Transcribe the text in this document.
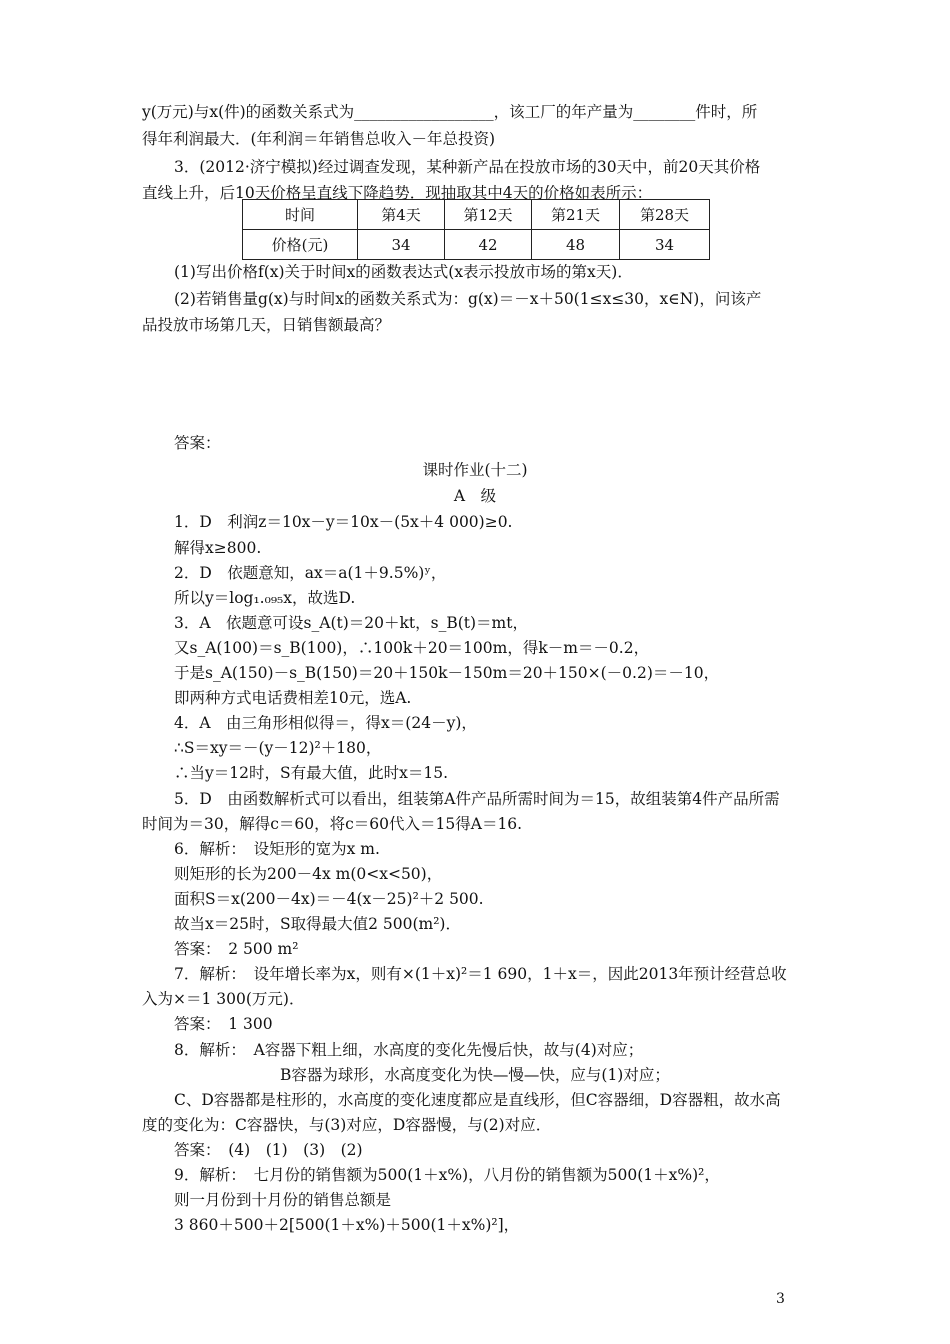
y(万元)与x(件)的函数关系式为__________________，该工厂的年产量为________件时，所
得年利润最大．(年利润＝年销售总收入－年总投资)
3．(2012·济宁模拟)经过调查发现，某种新产品在投放市场的30天中，前20天其价格
直线上升，后10天价格呈直线下降趋势．现抽取其中4天的价格如表所示：
时间	第4天	第12天	第21天	第28天
价格(元)	34	42	48	34
(1)写出价格f(x)关于时间x的函数表达式(x表示投放市场的第x天)．
(2)若销售量g(x)与时间x的函数关系式为：g(x)＝－x＋50(1≤x≤30，x∈N)，问该产
品投放市场第几天，日销售额最高？
答案：
课时作业(十二)
A　级
1．D　利润z＝10x－y＝10x－(5x＋4 000)≥0.
解得x≥800.
2．D　依题意知，ax＝a(1＋9.5%)ʸ，
所以y＝log₁.₀₉₅x，故选D.
3．A　依题意可设s_A(t)＝20＋kt，s_B(t)＝mt，
又s_A(100)＝s_B(100)，∴100k＋20＝100m，得k－m＝－0.2，
于是s_A(150)－s_B(150)＝20＋150k－150m＝20＋150×(－0.2)＝－10，
即两种方式电话费相差10元，选A.
4．A　由三角形相似得＝，得x＝(24－y)，
∴S＝xy＝－(y－12)²＋180，
∴当y＝12时，S有最大值，此时x＝15.
5．D　由函数解析式可以看出，组装第A件产品所需时间为＝15，故组装第4件产品所需
时间为＝30，解得c＝60，将c＝60代入＝15得A＝16.
6．解析：　设矩形的宽为x m.
则矩形的长为200－4x m(0<x<50)，
面积S＝x(200－4x)＝－4(x－25)²＋2 500.
故当x＝25时，S取得最大值2 500(m²)．
答案：　2 500 m²
7．解析：　设年增长率为x，则有×(1＋x)²＝1 690，1＋x＝，因此2013年预计经营总收
入为×＝1 300(万元)．
答案：　1 300
8．解析：　A容器下粗上细，水高度的变化先慢后快，故与(4)对应；
B容器为球形，水高度变化为快—慢—快，应与(1)对应；
C、D容器都是柱形的，水高度的变化速度都应是直线形，但C容器细，D容器粗，故水高
度的变化为：C容器快，与(3)对应，D容器慢，与(2)对应．
答案：　(4)　(1)　(3)　(2)
9．解析：　七月份的销售额为500(1＋x%)，八月份的销售额为500(1＋x%)²，
则一月份到十月份的销售总额是
3 860＋500＋2[500(1＋x%)＋500(1＋x%)²]，
3
